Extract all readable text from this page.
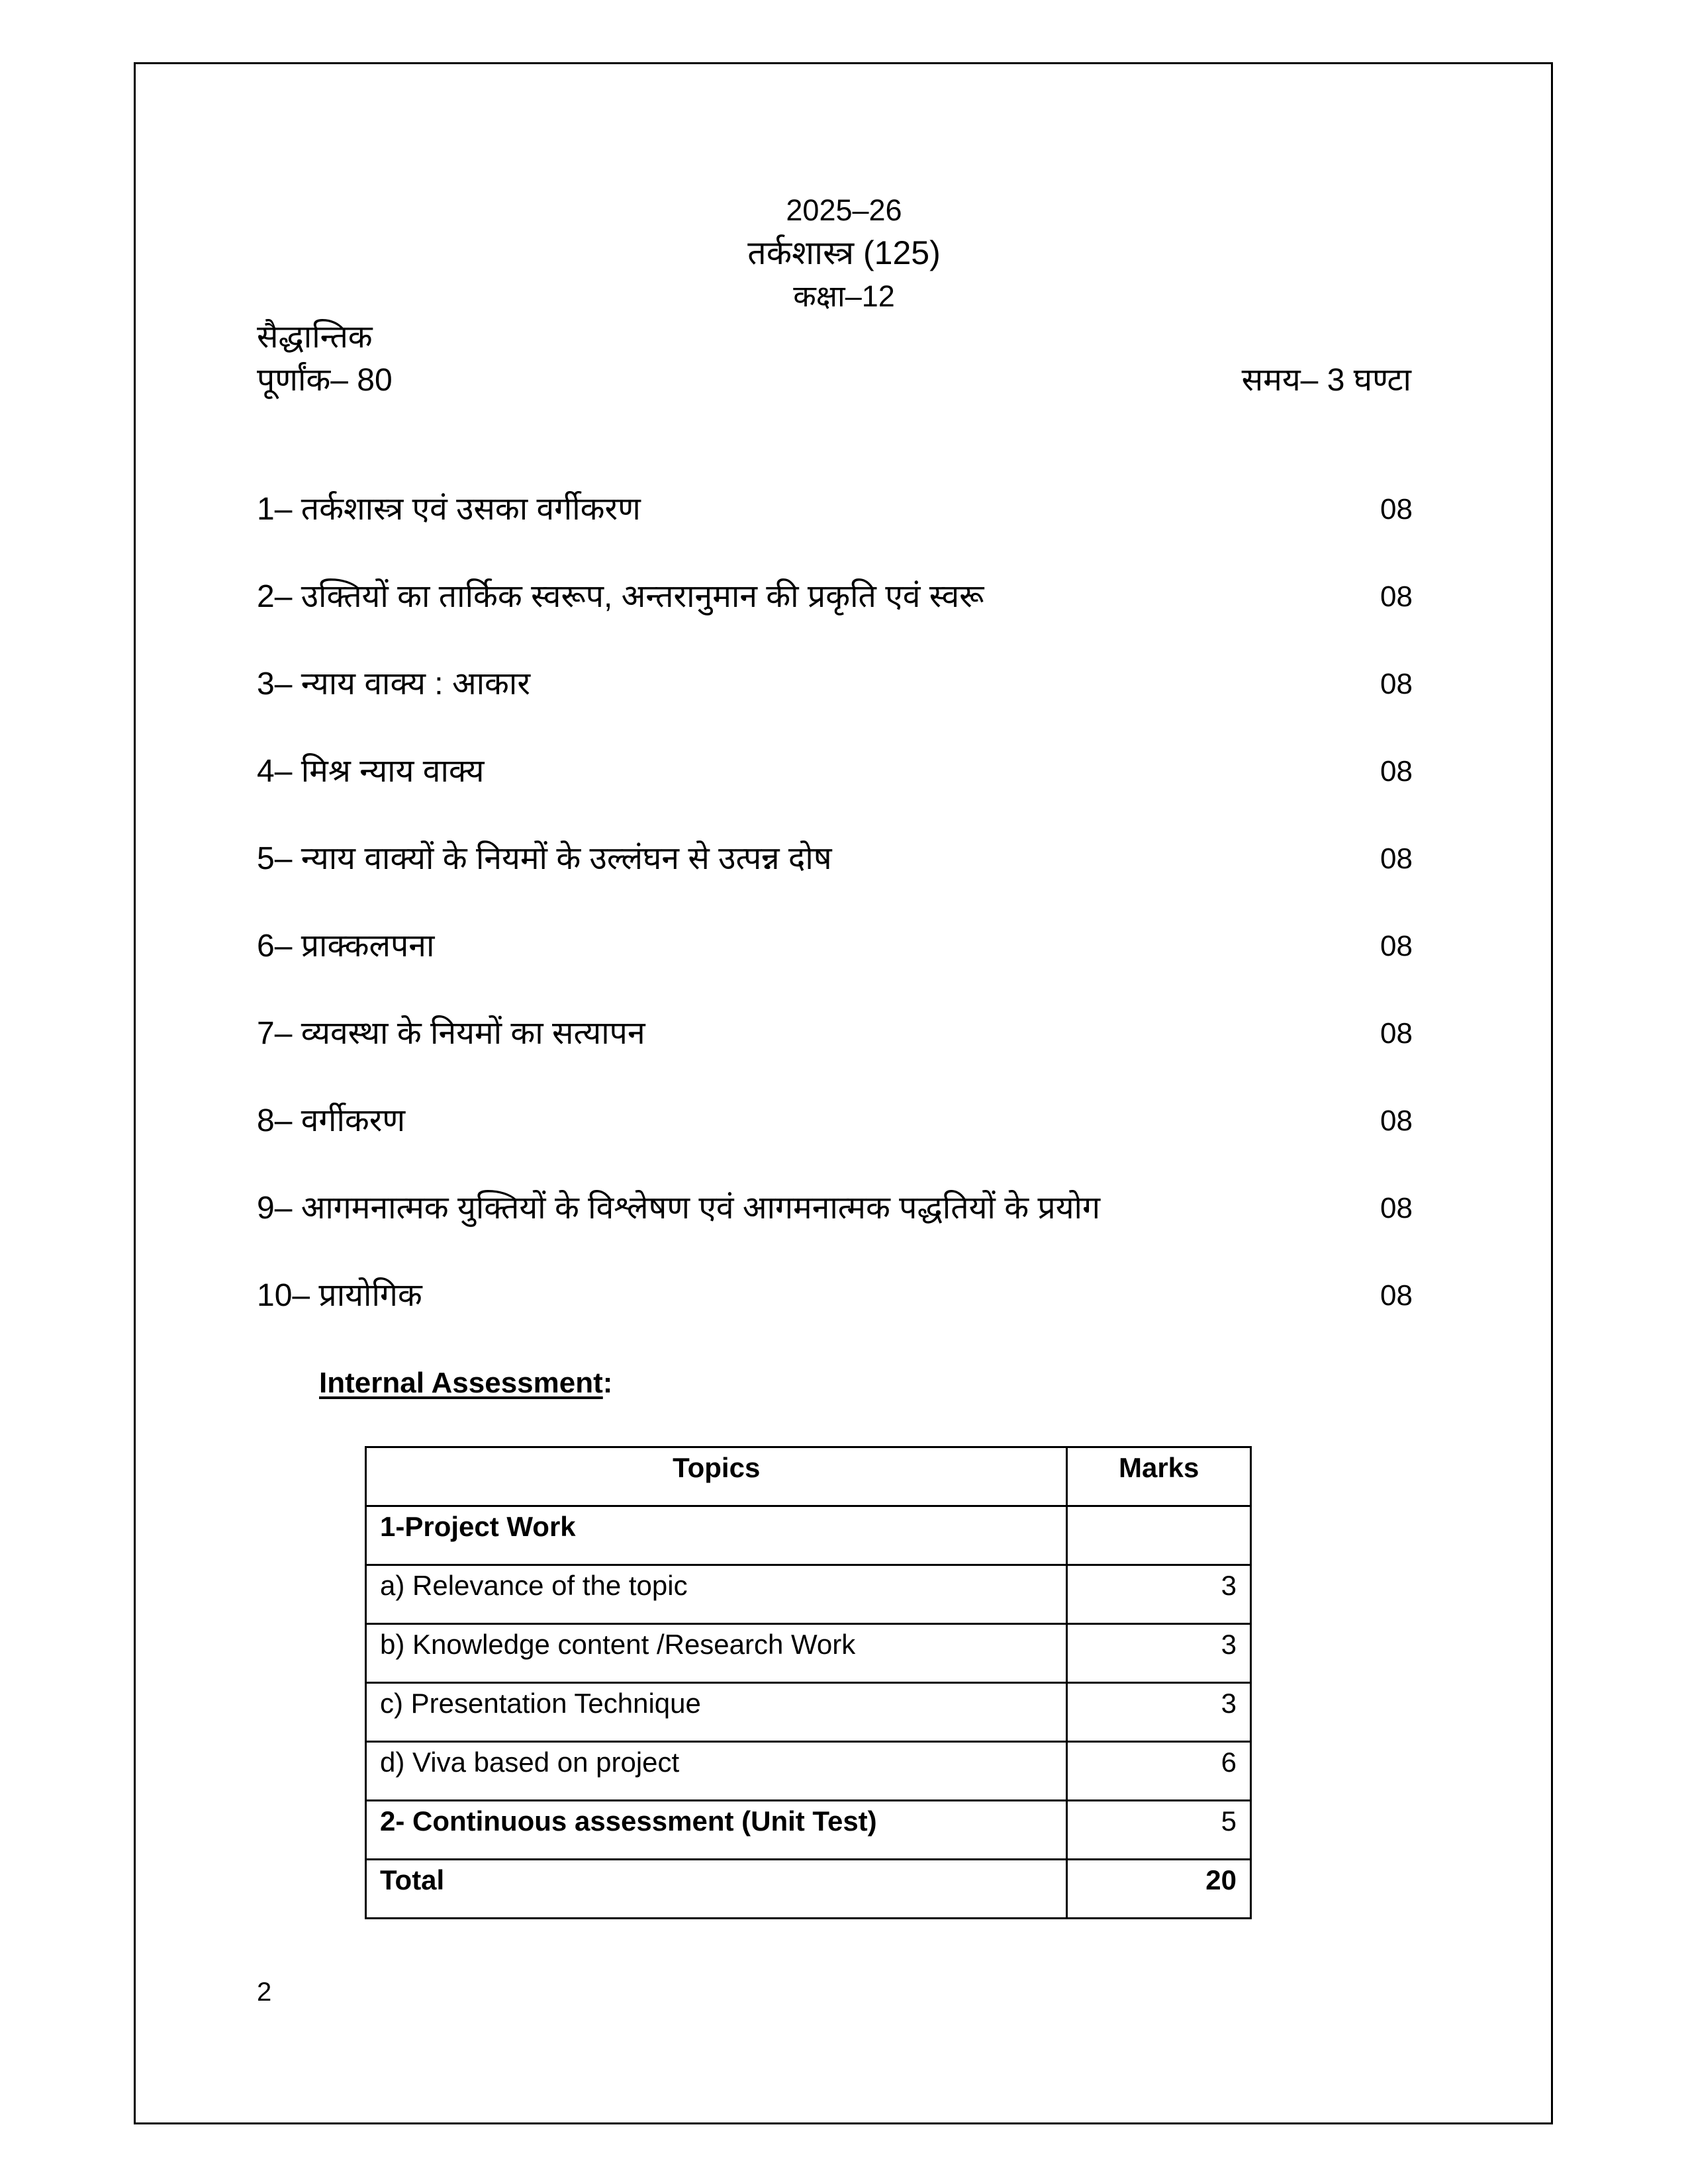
2025–26
तर्कशास्त्र (125)
कक्षा–12
सैद्धान्तिक
पूर्णांक– 80	समय– 3 घण्टा
1– तर्कशास्त्र एवं उसका वर्गीकरण	08
2– उक्तियों का तार्किक स्वरूप, अन्तरानुमान की प्रकृति एवं स्वरू	08
3– न्याय वाक्य : आकार	08
4– मिश्र न्याय वाक्य	08
5– न्याय वाक्यों के नियमों के उल्लंघन से उत्पन्न दोष	08
6– प्राक्कलपना	08
7– व्यवस्था के नियमों का सत्यापन	08
8– वर्गीकरण	08
9– आगमनात्मक युक्तियों के विश्लेषण एवं आगमनात्मक पद्धतियों के प्रयोग	08
10– प्रायोगिक	08
Internal Assessment:
Topics	Marks
1-Project Work	
a) Relevance of the topic	3
b) Knowledge content /Research Work	3
c) Presentation Technique	3
d) Viva based on project	6
2- Continuous assessment (Unit Test)	5
Total	20
2
